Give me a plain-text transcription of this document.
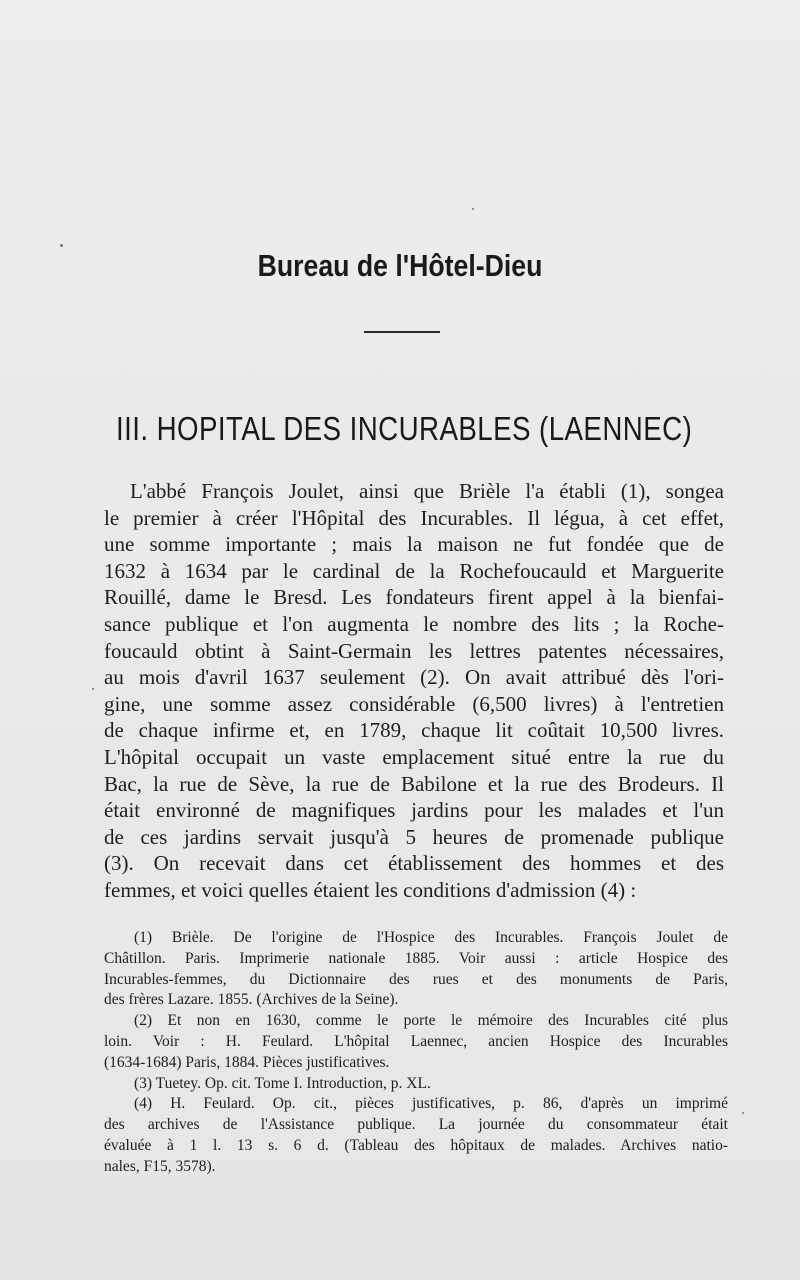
Bureau de l'Hôtel-Dieu
III. HOPITAL DES INCURABLES (LAENNEC)
L'abbé François Joulet, ainsi que Brièle l'a établi (1), songea
le premier à créer l'Hôpital des Incurables. Il légua, à cet effet,
une somme importante ; mais la maison ne fut fondée que de
1632 à 1634 par le cardinal de la Rochefoucauld et Marguerite
Rouillé, dame le Bresd. Les fondateurs firent appel à la bienfai-
sance publique et l'on augmenta le nombre des lits ; la Roche-
foucauld obtint à Saint-Germain les lettres patentes nécessaires,
au mois d'avril 1637 seulement (2). On avait attribué dès l'ori-
gine, une somme assez considérable (6,500 livres) à l'entretien
de chaque infirme et, en 1789, chaque lit coûtait 10,500 livres.
L'hôpital occupait un vaste emplacement situé entre la rue du
Bac, la rue de Sève, la rue de Babilone et la rue des Brodeurs. Il
était environné de magnifiques jardins pour les malades et l'un
de ces jardins servait jusqu'à 5 heures de promenade publique
(3). On recevait dans cet établissement des hommes et des
femmes, et voici quelles étaient les conditions d'admission (4) :
(1) Brièle. De l'origine de l'Hospice des Incurables. François Joulet de
Châtillon. Paris. Imprimerie nationale 1885. Voir aussi : article Hospice des
Incurables-femmes, du Dictionnaire des rues et des monuments de Paris,
des frères Lazare. 1855. (Archives de la Seine).
(2) Et non en 1630, comme le porte le mémoire des Incurables cité plus
loin. Voir : H. Feulard. L'hôpital Laennec, ancien Hospice des Incurables
(1634-1684) Paris, 1884. Pièces justificatives.
(3) Tuetey. Op. cit. Tome I. Introduction, p. XL.
(4) H. Feulard. Op. cit., pièces justificatives, p. 86, d'après un imprimé
des archives de l'Assistance publique. La journée du consommateur était
évaluée à 1 l. 13 s. 6 d. (Tableau des hôpitaux de malades. Archives natio-
nales, F15, 3578).
